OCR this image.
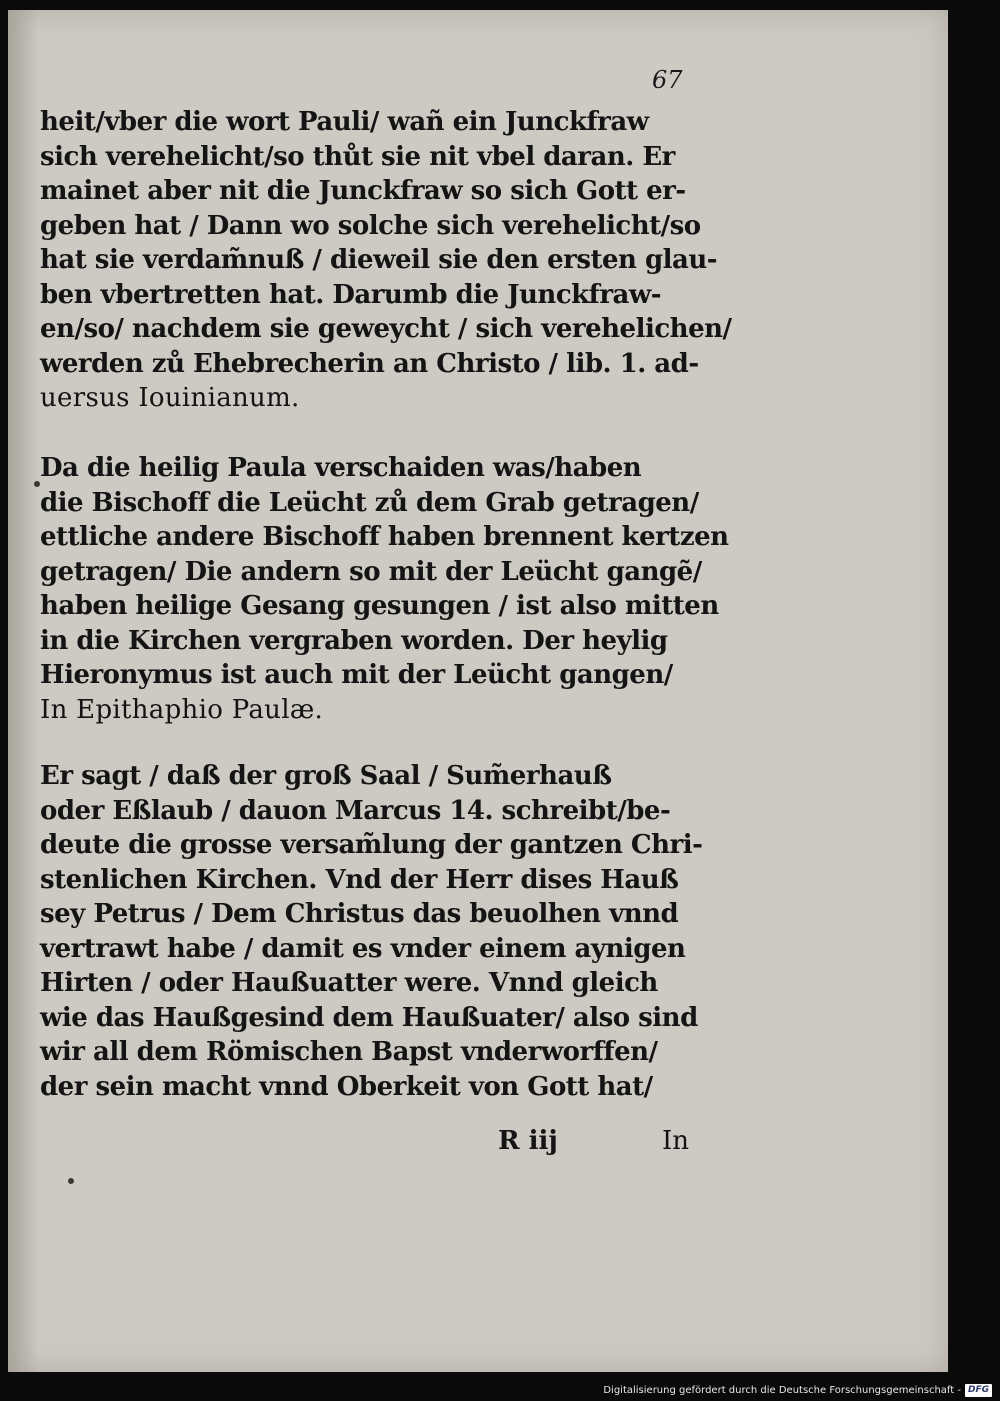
67
heit/vber die wort Pauli/ wañ ein Junckfraw
sich verehelicht/so thůt sie nit vbel daran. Er
mainet aber nit die Junckfraw so sich Gott er-
geben hat / Dann wo solche sich verehelicht/so
hat sie verdam̃nuß / dieweil sie den ersten glau-
ben vbertretten hat. Darumb die Junckfraw-
en/so/ nachdem sie geweycht / sich verehelichen/
werden zů Ehebrecherin an Christo / lib. 1. ad-
uersus Iouinianum.
Da die heilig Paula verschaiden was/haben
die Bischoff die Leücht zů dem Grab getragen/
ettliche andere Bischoff haben brennent kertzen
getragen/ Die andern so mit der Leücht gangẽ/
haben heilige Gesang gesungen / ist also mitten
in die Kirchen vergraben worden. Der heylig
Hieronymus ist auch mit der Leücht gangen/
In Epithaphio Paulæ.
Er sagt / daß der groß Saal / Sum̃erhauß
oder Eßlaub / dauon Marcus 14. schreibt/be-
deute die grosse versam̃lung der gantzen Chri-
stenlichen Kirchen. Vnd der Herr dises Hauß
sey Petrus / Dem Christus das beuolhen vnnd
vertrawt habe / damit es vnder einem aynigen
Hirten / oder Haußuatter were. Vnnd gleich
wie das Haußgesind dem Haußuater/ also sind
wir all dem Römischen Bapst vnderworffen/
der sein macht vnnd Oberkeit von Gott hat/
R iij	In
Digitalisierung gefördert durch die Deutsche Forschungsgemeinschaft - DFG
